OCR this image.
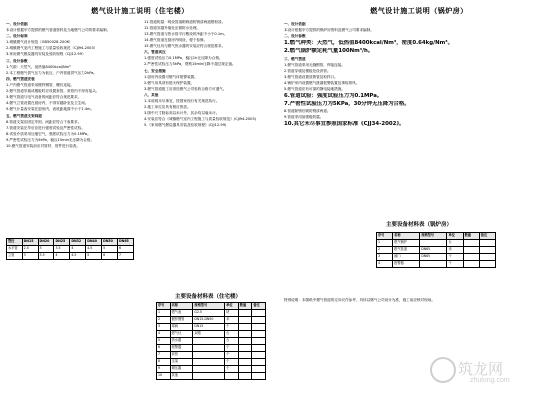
燃气设计施工说明（住宅楼）

一、设计依据

本设计根据甲方提供的燃气管道资料及当地燃气公司的要求编制。

二、设计标准

1.城镇燃气设计规范（GB50028-2006）

2.城镇燃气室内工程施工与质量验收规范（CJJ94-2003）

3.家用燃气燃烧器具安装及验收规程（CJJ12-99）

三、设计参数

1.气源：天然气，低热值8400kcal/Nm³

2.本工程燃气供气压力为低压，户内管道供气压力2kPa。

四、燃气管道安装

1.户内燃气管道采用镀锌钢管，螺纹连接。

2.燃气管道穿墙或楼板时应设置套管，套管内不得有接头。

3.燃气管道与电气设备的间距应符合规范要求。

4.燃气立管设置在厨房内，不得穿越卧室及卫生间。

5.燃气计量表安装在厨房内，表底距地面不小于1.4m。

五、燃气管道支架间距

6.管道支架应固定牢固，间距应符合下表要求。

7.管道安装完毕后应进行强度试验及严密性试验。

8.试验介质采用压缩空气，强度试验压力为0.1MPa。

9.严密性试验压力为5kPa，稳压15min无压降为合格。

10.燃气管道安装前应对管材、管件进行检查。

11.管道防腐：明设管道刷两道防锈漆两道银粉漆。

12.管道穿越外墙处应做防水处理。

13.燃气管道与热水管平行敷设时净距不小于0.1m。

14.燃气管道在厨房内明设，便于检修。

15.燃气灶具与燃气热水器的安装应符合规范要求。

六、管道试压

1.强度试验压力0.1MPa，稳压1h无压降为合格。

2.严密性试验压力5kPa，观察15min压降不超过规定值。

七、安全措施

1.厨房内设置可燃气体报警装置。

2.燃气用具须有熄火保护装置。

3.燃气管道竣工后须经燃气公司验收合格方可通气。

八、其他

1.本说明未尽事宜，按国家现行有关规范执行。

2.施工单位应具有相应资质。

3.图中尺寸除标高以米计外，其余均以毫米计。

4.安装应符合《城镇燃气室内工程施工与质量验收规范》(CJJ94-2003)

5.《家用燃气燃烧器具安装及验收规程》(CJJ12-99)

管径	DN15	DN20	DN25	DN32	DN40	DN50	DN65
水平管	2.5	3	3.5	4	4.5	5	6
立管	3	3.5	4	4.5	5	6	7
主要设备材料表（住宅楼）
序号	名称	规格型号	单位	数量	备注
1	燃气表	G2.5	块		
2	镀锌钢管	DN15-DN50	米		
3	球阀	DN15	个		
4	燃气灶	双眼	台		
5	热水器		台		
6	报警器		个		
7	套管		个		
8	支架		个		
9	调压器		个		
10	其他				
燃气设计施工说明（锅炉房）

一、设计依据

本设计根据甲方提供的锅炉房资料及燃气公司要求编制。

二、设计参数

1.燃气种类：天然气，低热值8400kcal/Nm³，密度0.64kg/Nm³。

2.燃气锅炉额定耗气量100Nm³/h。

三、燃气管道

1.燃气管道采用无缝钢管，焊接连接。

2.管道穿墙及楼板处设套管。

3.燃气管道设置放散管及取样口。

4.锅炉房内设置燃气泄漏报警装置及事故排风。

5.燃气管道应有可靠的静电接地措施。

6.管道试验：强度试验压力为0.1MPa。

7.严密性试验压力为5KPa，30分钟无压降为合格。

8.管道除锈后刷防锈漆两道。

9.管道采用加强级防腐。

10.其它未尽事宜参照国家标准《CJJ34-2002》。

主要设备材料表（锅炉房）
序号	名称	规格型号	单位	数量	备注
1	燃气锅炉		台		
2	燃气管道	DN65	米		
3	阀门	DN65	个		
4	报警器		个		

特别说明：本图纸中燃气管道的走向仅作参考，具体以燃气公司设计为准，施工前应核对现场。

筑龙网
zhulong.com
